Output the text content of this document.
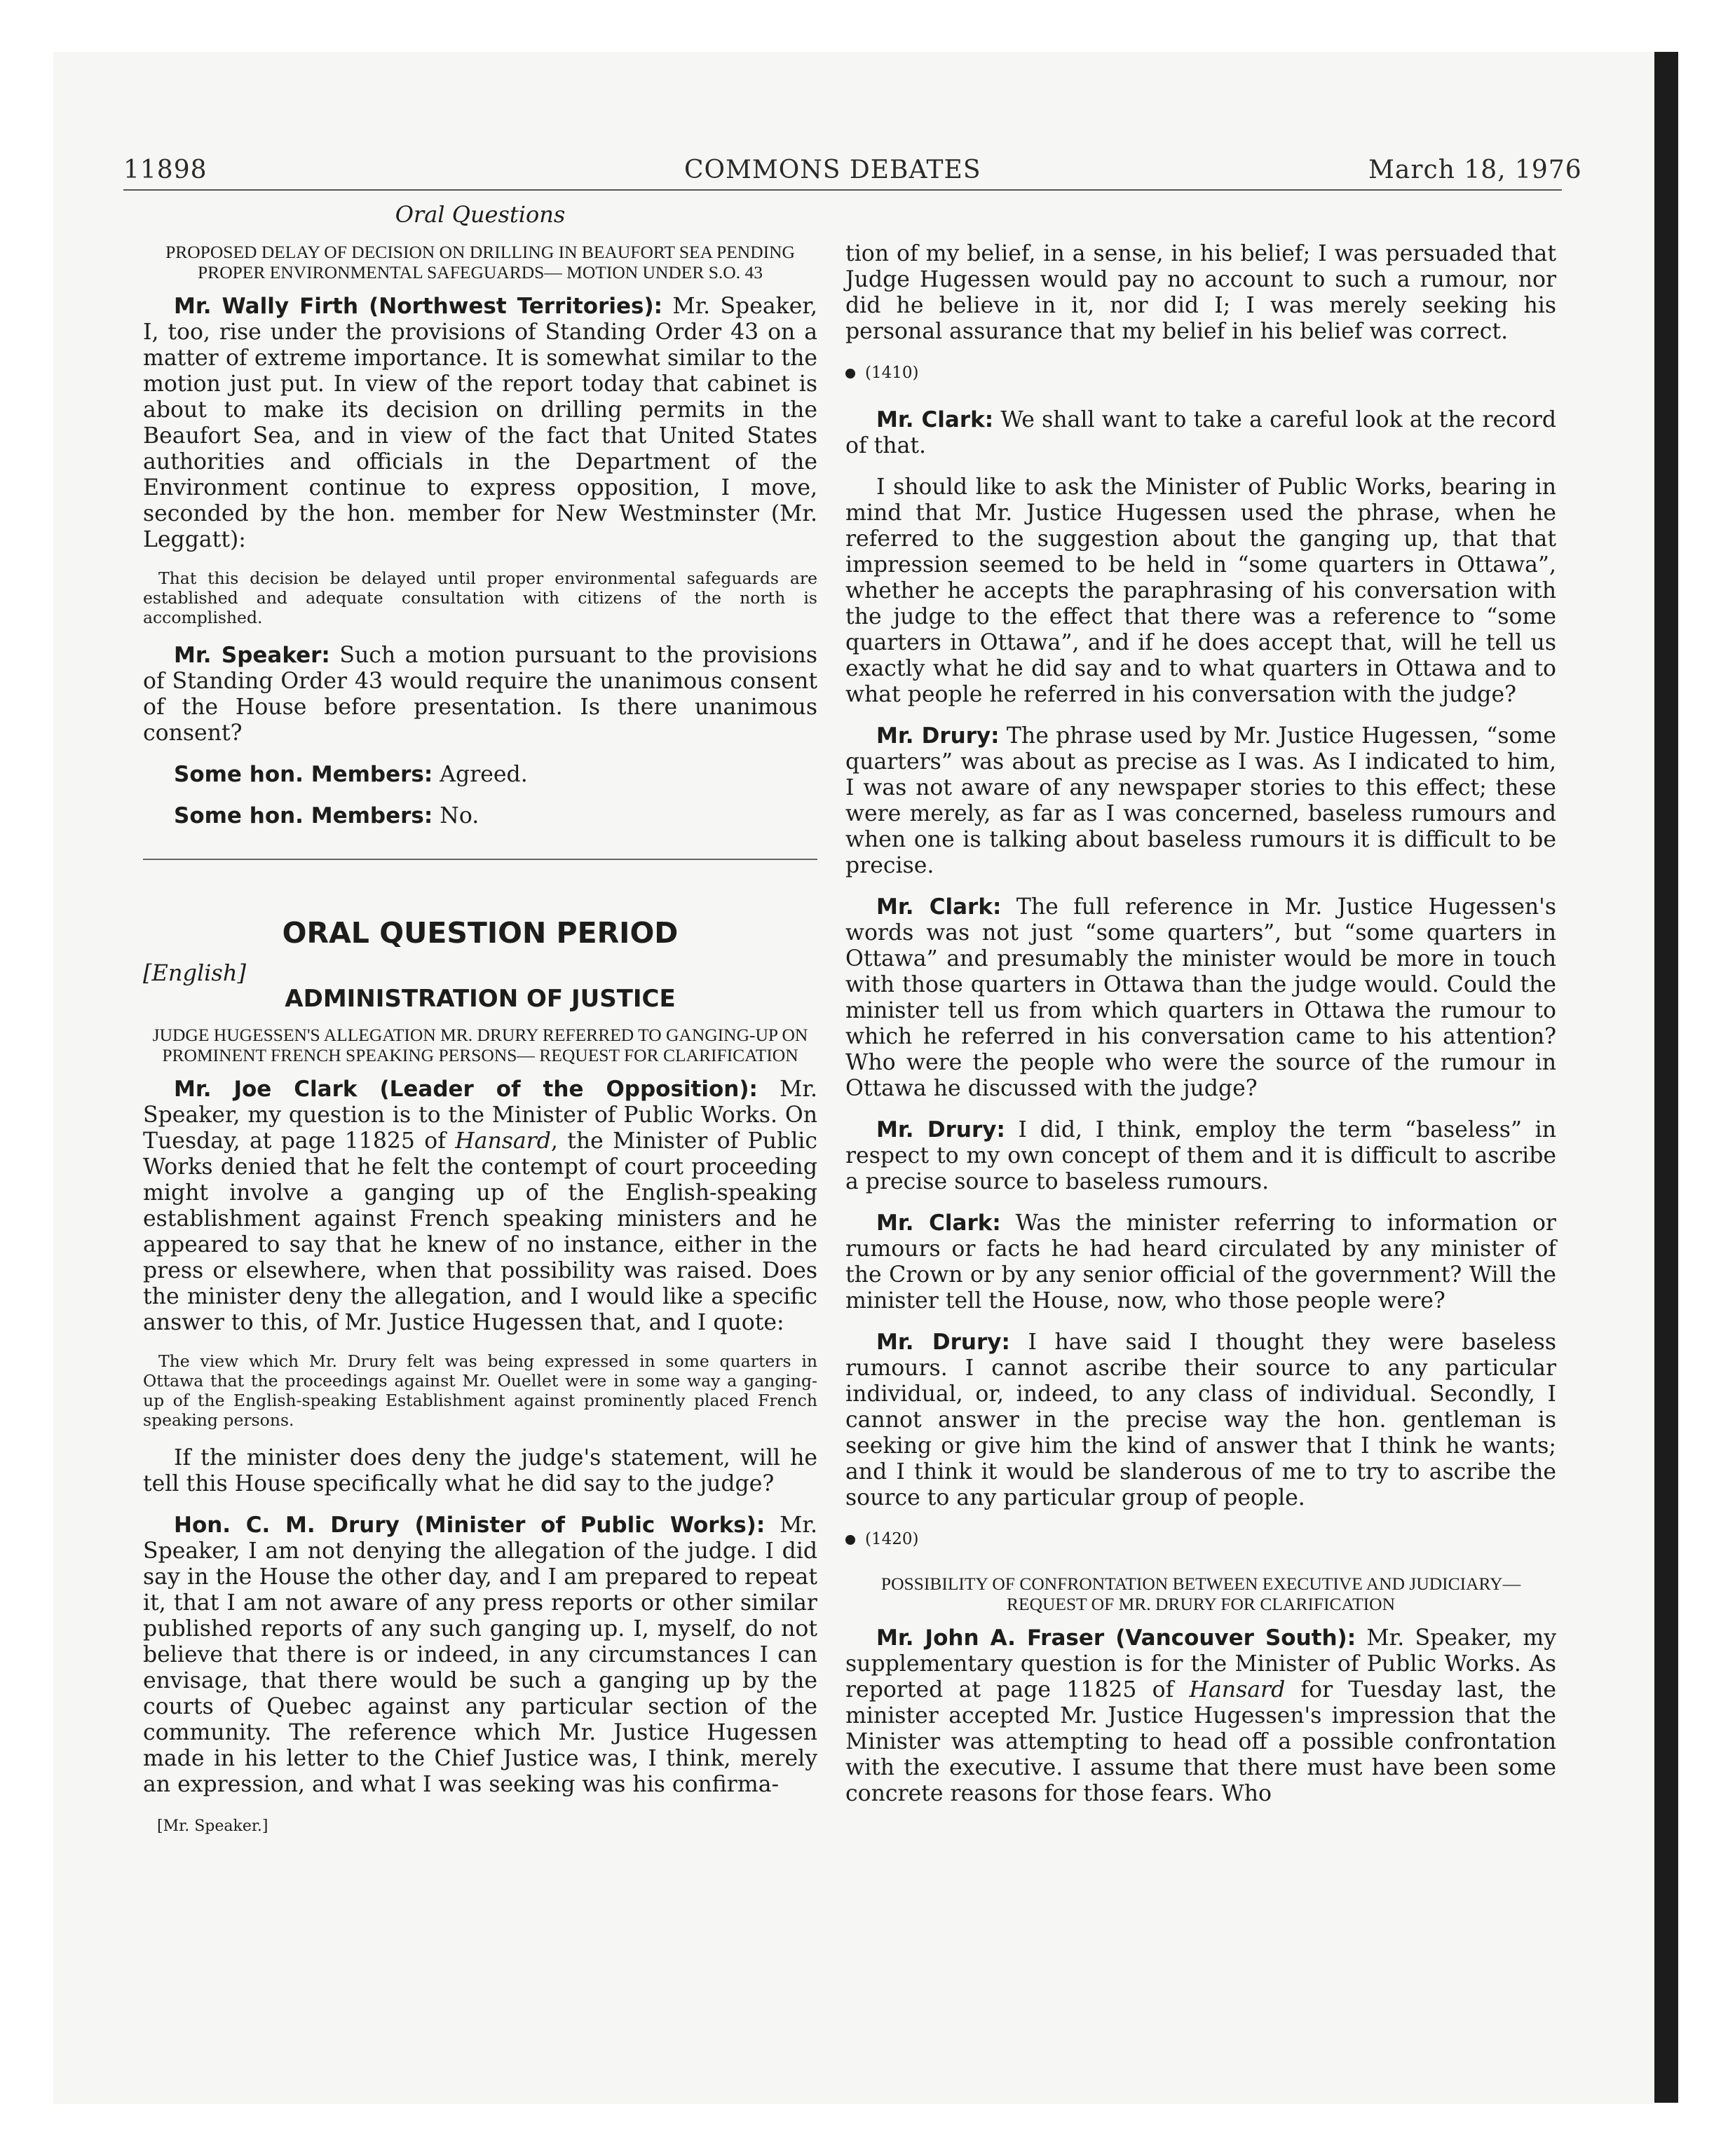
11898	COMMONS DEBATES	March 18, 1976
Oral Questions
PROPOSED DELAY OF DECISION ON DRILLING IN BEAUFORT SEA PENDING PROPER ENVIRONMENTAL SAFEGUARDS— MOTION UNDER S.O. 43

Mr. Wally Firth (Northwest Territories): Mr. Speaker, I, too, rise under the provisions of Standing Order 43 on a matter of extreme importance. It is somewhat similar to the motion just put. In view of the report today that cabinet is about to make its decision on drilling permits in the Beaufort Sea, and in view of the fact that United States authorities and officials in the Department of the Environment continue to express opposition, I move, seconded by the hon. member for New Westminster (Mr. Leggatt):

That this decision be delayed until proper environmental safeguards are established and adequate consultation with citizens of the north is accomplished.

Mr. Speaker: Such a motion pursuant to the provisions of Standing Order 43 would require the unanimous consent of the House before presentation. Is there unanimous consent?

Some hon. Members: Agreed.

Some hon. Members: No.

ORAL QUESTION PERIOD
[English]
ADMINISTRATION OF JUSTICE
JUDGE HUGESSEN'S ALLEGATION MR. DRURY REFERRED TO GANGING-UP ON PROMINENT FRENCH SPEAKING PERSONS— REQUEST FOR CLARIFICATION

Mr. Joe Clark (Leader of the Opposition): Mr. Speaker, my question is to the Minister of Public Works. On Tuesday, at page 11825 of Hansard, the Minister of Public Works denied that he felt the contempt of court proceeding might involve a ganging up of the English-speaking establishment against French speaking ministers and he appeared to say that he knew of no instance, either in the press or elsewhere, when that possibility was raised. Does the minister deny the allegation, and I would like a specific answer to this, of Mr. Justice Hugessen that, and I quote:

The view which Mr. Drury felt was being expressed in some quarters in Ottawa that the proceedings against Mr. Ouellet were in some way a ganging-up of the English-speaking Establishment against prominently placed French speaking persons.

If the minister does deny the judge's statement, will he tell this House specifically what he did say to the judge?

Hon. C. M. Drury (Minister of Public Works): Mr. Speaker, I am not denying the allegation of the judge. I did say in the House the other day, and I am prepared to repeat it, that I am not aware of any press reports or other similar published reports of any such ganging up. I, myself, do not believe that there is or indeed, in any circumstances I can envisage, that there would be such a ganging up by the courts of Quebec against any particular section of the community. The reference which Mr. Justice Hugessen made in his letter to the Chief Justice was, I think, merely an expression, and what I was seeking was his confirma-

[Mr. Speaker.]

tion of my belief, in a sense, in his belief; I was persuaded that Judge Hugessen would pay no account to such a rumour, nor did he believe in it, nor did I; I was merely seeking his personal assurance that my belief in his belief was correct.

(1410)

Mr. Clark: We shall want to take a careful look at the record of that.

I should like to ask the Minister of Public Works, bearing in mind that Mr. Justice Hugessen used the phrase, when he referred to the suggestion about the ganging up, that that impression seemed to be held in “some quarters in Ottawa”, whether he accepts the paraphrasing of his conversation with the judge to the effect that there was a reference to “some quarters in Ottawa”, and if he does accept that, will he tell us exactly what he did say and to what quarters in Ottawa and to what people he referred in his conversation with the judge?

Mr. Drury: The phrase used by Mr. Justice Hugessen, “some quarters” was about as precise as I was. As I indicated to him, I was not aware of any newspaper stories to this effect; these were merely, as far as I was concerned, baseless rumours and when one is talking about baseless rumours it is difficult to be precise.

Mr. Clark: The full reference in Mr. Justice Hugessen's words was not just “some quarters”, but “some quarters in Ottawa” and presumably the minister would be more in touch with those quarters in Ottawa than the judge would. Could the minister tell us from which quarters in Ottawa the rumour to which he referred in his conversation came to his attention? Who were the people who were the source of the rumour in Ottawa he discussed with the judge?

Mr. Drury: I did, I think, employ the term “baseless” in respect to my own concept of them and it is difficult to ascribe a precise source to baseless rumours.

Mr. Clark: Was the minister referring to information or rumours or facts he had heard circulated by any minister of the Crown or by any senior official of the government? Will the minister tell the House, now, who those people were?

Mr. Drury: I have said I thought they were baseless rumours. I cannot ascribe their source to any particular individual, or, indeed, to any class of individual. Secondly, I cannot answer in the precise way the hon. gentleman is seeking or give him the kind of answer that I think he wants; and I think it would be slanderous of me to try to ascribe the source to any particular group of people.

(1420)
POSSIBILITY OF CONFRONTATION BETWEEN EXECUTIVE AND JUDICIARY—REQUEST OF MR. DRURY FOR CLARIFICATION

Mr. John A. Fraser (Vancouver South): Mr. Speaker, my supplementary question is for the Minister of Public Works. As reported at page 11825 of Hansard for Tuesday last, the minister accepted Mr. Justice Hugessen's impression that the Minister was attempting to head off a possible confrontation with the executive. I assume that there must have been some concrete reasons for those fears. Who
